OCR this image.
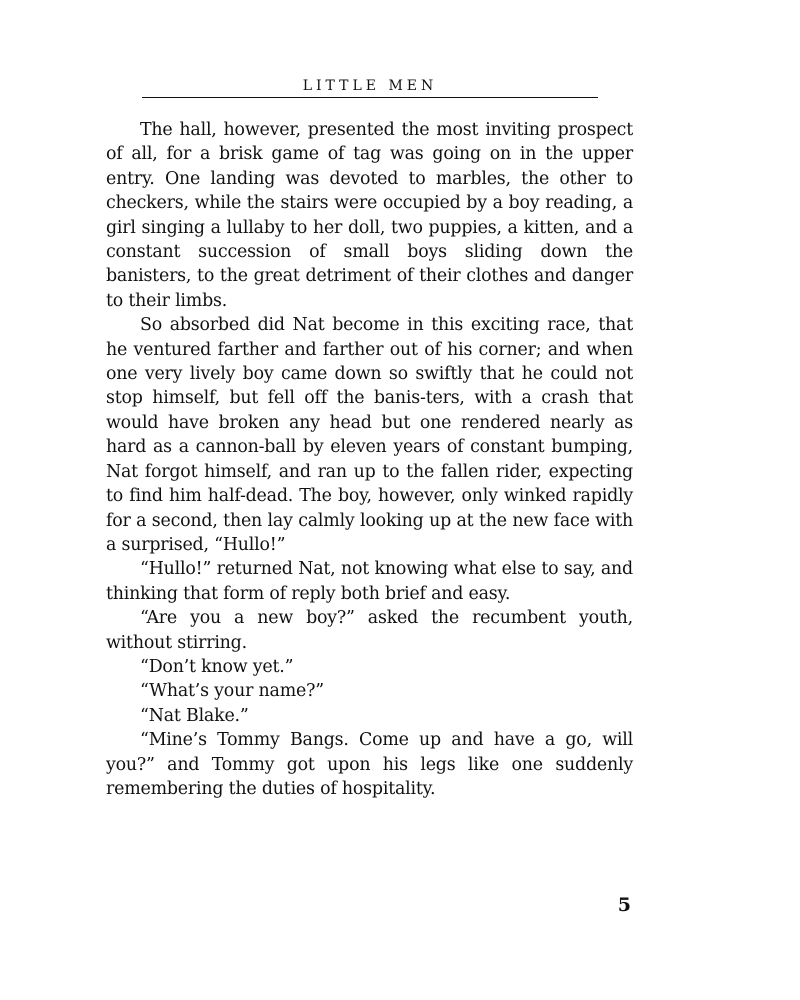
LITTLE MEN

The hall, however, presented the most inviting prospect of all, for a brisk game of tag was going on in the upper entry. One landing was devoted to marbles, the other to checkers, while the stairs were occupied by a boy reading, a girl singing a lullaby to her doll, two puppies, a kitten, and a constant succession of small boys sliding down the banisters, to the great detriment of their clothes and danger to their limbs.

So absorbed did Nat become in this exciting race, that he ventured farther and farther out of his corner; and when one very lively boy came down so swiftly that he could not stop himself, but fell off the banis-ters, with a crash that would have broken any head but one rendered nearly as hard as a cannon-ball by eleven years of constant bumping, Nat forgot himself, and ran up to the fallen rider, expecting to find him half-dead. The boy, however, only winked rapidly for a second, then lay calmly looking up at the new face with a surprised, “Hullo!”

“Hullo!” returned Nat, not knowing what else to say, and thinking that form of reply both brief and easy.

“Are you a new boy?” asked the recumbent youth, without stirring.

“Don’t know yet.”

“What’s your name?”

“Nat Blake.”

“Mine’s Tommy Bangs. Come up and have a go, will you?” and Tommy got upon his legs like one suddenly remembering the duties of hospitality.

5
